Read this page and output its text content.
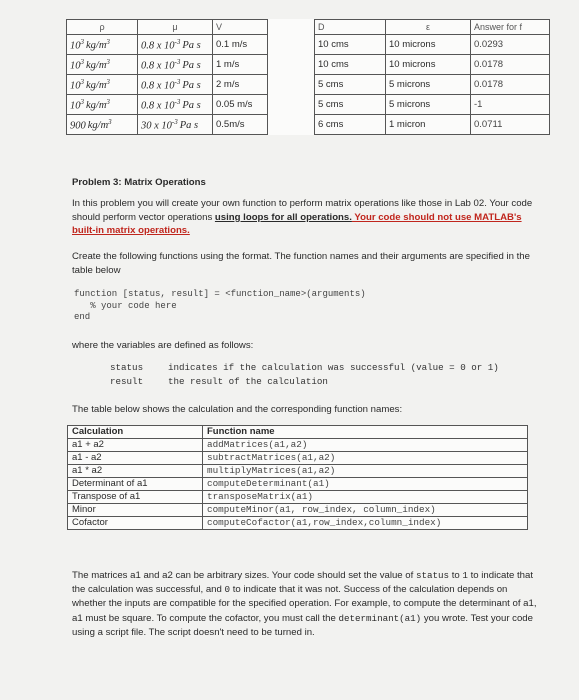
ρ	μ	V		D	ε	Answer for f
$10^3$ $kg/m^3$	0.8 x $10^{-3}$ Pa s	0.1 m/s		10 cms	10 microns	0.0293
$10^3$ $kg/m^3$	0.8 x $10^{-3}$ Pa s	1 m/s		10 cms	10 microns	0.0178
$10^3$ $kg/m^3$	0.8 x $10^{-3}$ Pa s	2 m/s		5 cms	5 microns	0.0178
$10^3$ $kg/m^3$	0.8 x $10^{-3}$ Pa s	0.05 m/s		5 cms	5 microns	-1
900 $kg/m^3$	30 x $10^{-3}$ Pa s	0.5m/s		6 cms	1 micron	0.0711
Problem 3: Matrix Operations
In this problem you will create your own function to perform matrix operations like those in Lab 02. Your code should perform vector operations using loops for all operations. Your code should not use MATLAB's built-in matrix operations.
Create the following functions using the format. The function names and their arguments are specified in the table below
function [status, result] = <function_name>(arguments)
% your code here
end
where the variables are defined as follows:
status	indicates if the calculation was successful (value = 0 or 1)
result	the result of the calculation
The table below shows the calculation and the corresponding function names:
Calculation	Function name
a1 + a2	addMatrices(a1,a2)
a1 - a2	subtractMatrices(a1,a2)
a1 * a2	multiplyMatrices(a1,a2)
Determinant of a1	computeDeterminant(a1)
Transpose of a1	transposeMatrix(a1)
Minor	computeMinor(a1, row_index, column_index)
Cofactor	computeCofactor(a1,row_index,column_index)
The matrices a1 and a2 can be arbitrary sizes. Your code should set the value of status to 1 to indicate that the calculation was successful, and 0 to indicate that it was not. Success of the calculation depends on whether the inputs are compatible for the specified operation. For example, to compute the determinant of a1, a1 must be square. To compute the cofactor, you must call the determinant(a1) you wrote. Test your code using a script file. The script doesn't need to be turned in.
